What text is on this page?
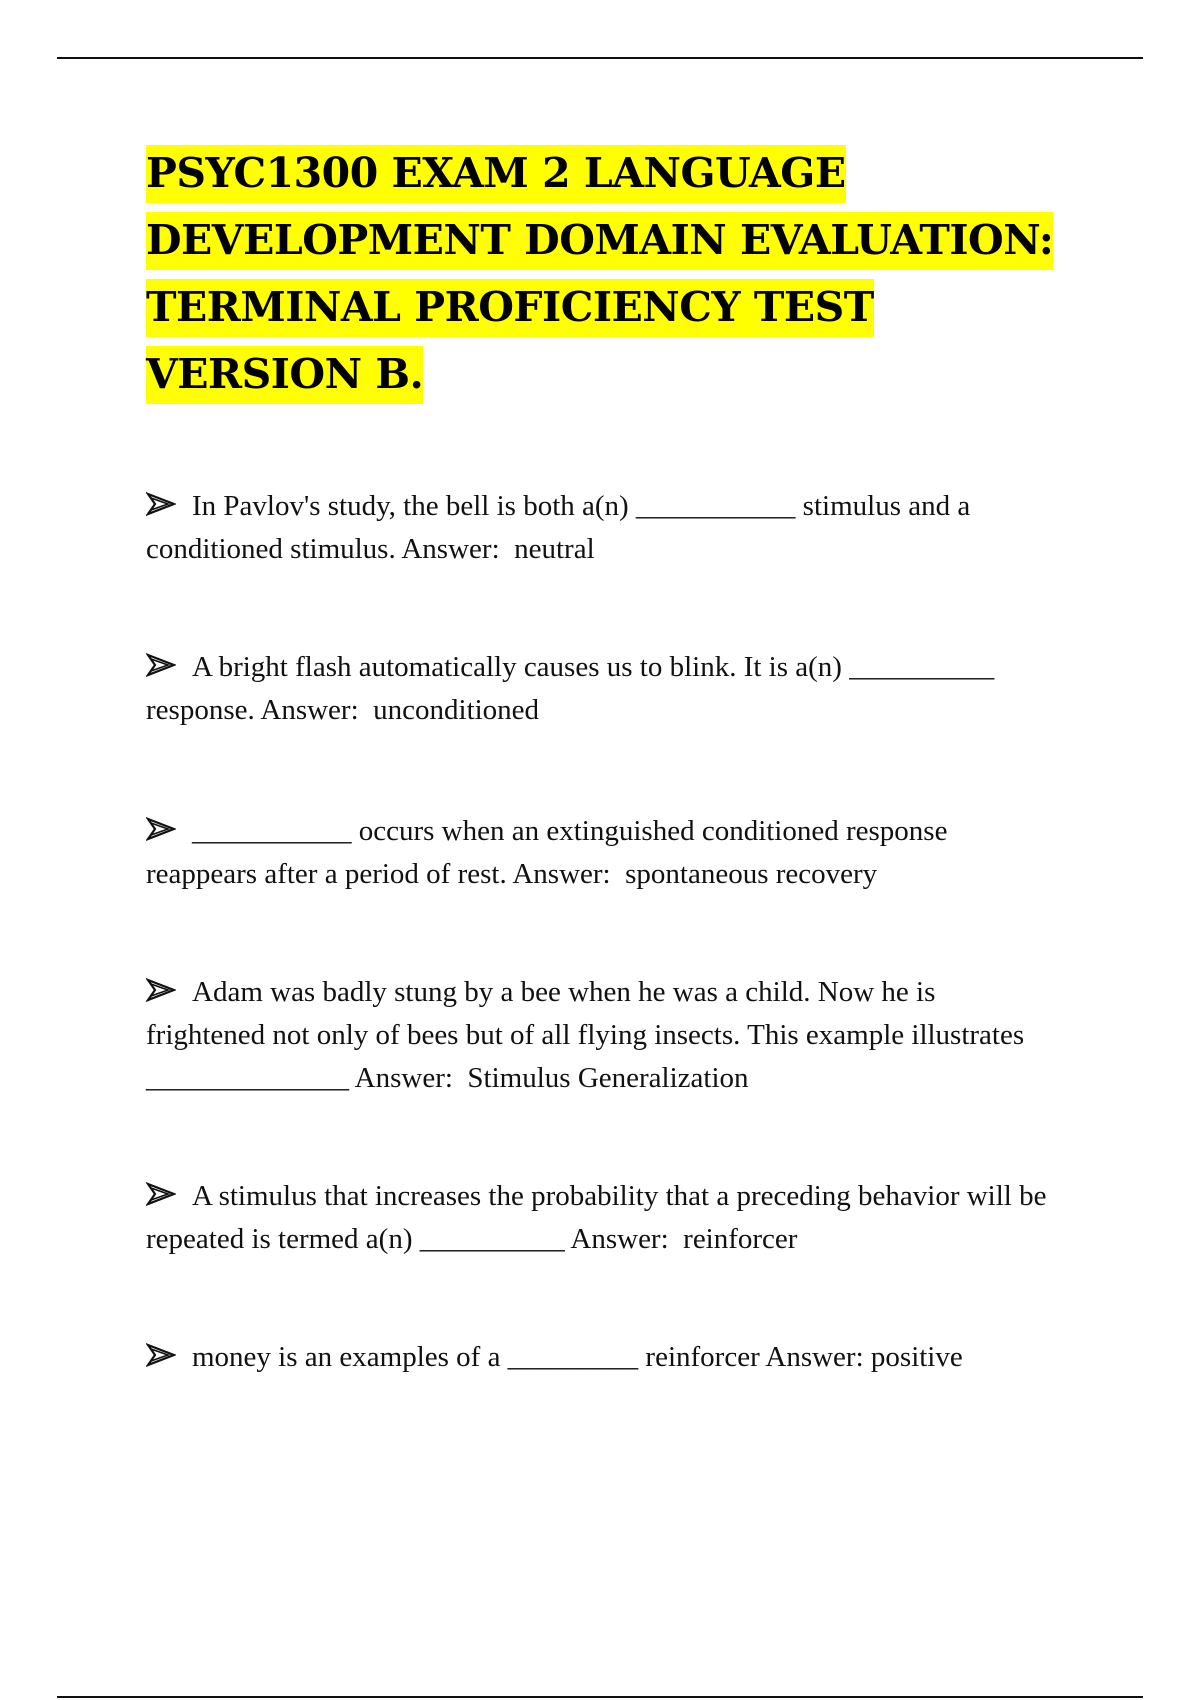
PSYC1300 EXAM 2 LANGUAGE DEVELOPMENT DOMAIN EVALUATION: TERMINAL PROFICIENCY TEST VERSION B.
In Pavlov's study, the bell is both a(n) ___________ stimulus and a conditioned stimulus. Answer: neutral
A bright flash automatically causes us to blink. It is a(n) __________ response. Answer: unconditioned
___________ occurs when an extinguished conditioned response reappears after a period of rest. Answer: spontaneous recovery
Adam was badly stung by a bee when he was a child. Now he is frightened not only of bees but of all flying insects. This example illustrates ______________ Answer: Stimulus Generalization
A stimulus that increases the probability that a preceding behavior will be repeated is termed a(n) __________ Answer: reinforcer
money is an examples of a _________ reinforcer Answer: positive
